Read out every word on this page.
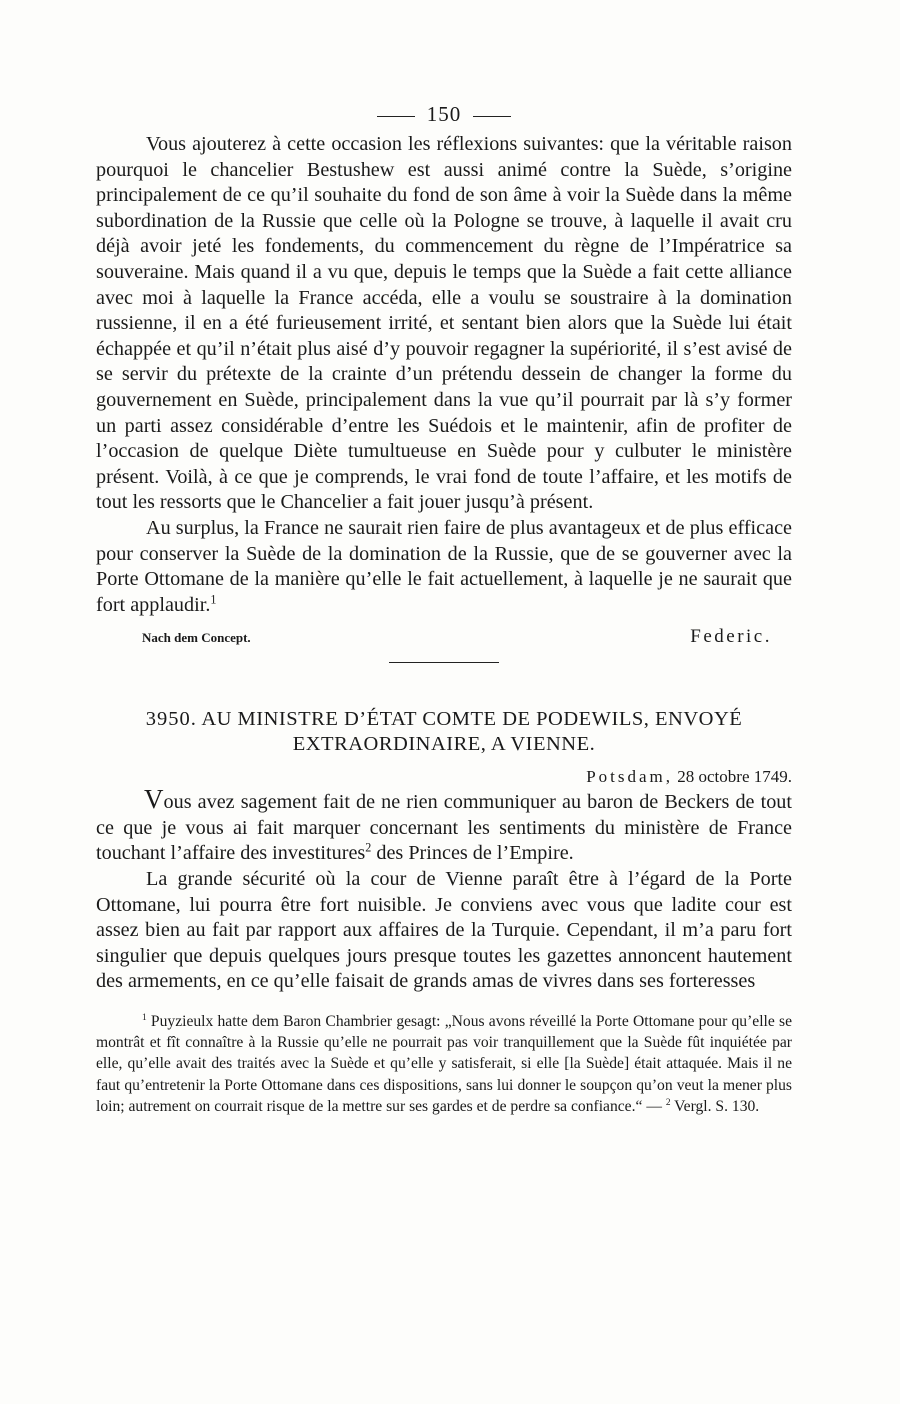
150

Vous ajouterez à cette occasion les réflexions suivantes: que la véritable raison pourquoi le chancelier Bestushew est aussi animé contre la Suède, s’origine principalement de ce qu’il souhaite du fond de son âme à voir la Suède dans la même subordination de la Russie que celle où la Pologne se trouve, à laquelle il avait cru déjà avoir jeté les fondements, du commencement du règne de l’Impératrice sa souveraine. Mais quand il a vu que, depuis le temps que la Suède a fait cette alliance avec moi à laquelle la France accéda, elle a voulu se soustraire à la domination russienne, il en a été furieusement irrité, et sentant bien alors que la Suède lui était échappée et qu’il n’était plus aisé d’y pouvoir regagner la supériorité, il s’est avisé de se servir du prétexte de la crainte d’un prétendu dessein de changer la forme du gouvernement en Suède, principalement dans la vue qu’il pourrait par là s’y former un parti assez considérable d’entre les Suédois et le maintenir, afin de profiter de l’occasion de quelque Diète tumultueuse en Suède pour y culbuter le ministère présent. Voilà, à ce que je comprends, le vrai fond de toute l’affaire, et les motifs de tout les ressorts que le Chancelier a fait jouer jusqu’à présent.

Au surplus, la France ne saurait rien faire de plus avantageux et de plus efficace pour conserver la Suède de la domination de la Russie, que de se gouverner avec la Porte Ottomane de la manière qu’elle le fait actuellement, à laquelle je ne saurait que fort applaudir.$^1$

Nach dem Concept.	Federic.
3950. AU MINISTRE D’ÉTAT COMTE DE PODEWILS, ENVOYÉ EXTRAORDINAIRE, A VIENNE.
Potsdam, 28 octobre 1749.

Vous avez sagement fait de ne rien communiquer au baron de Beckers de tout ce que je vous ai fait marquer concernant les sentiments du ministère de France touchant l’affaire des investitures$^2$ des Princes de l’Empire.

La grande sécurité où la cour de Vienne paraît être à l’égard de la Porte Ottomane, lui pourra être fort nuisible. Je conviens avec vous que ladite cour est assez bien au fait par rapport aux affaires de la Turquie. Cependant, il m’a paru fort singulier que depuis quelques jours presque toutes les gazettes annoncent hautement des armements, en ce qu’elle faisait de grands amas de vivres dans ses forteresses

$^1$ Puyzieulx hatte dem Baron Chambrier gesagt: „Nous avons réveillé la Porte Ottomane pour qu’elle se montrât et fît connaître à la Russie qu’elle ne pourrait pas voir tranquillement que la Suède fût inquiétée par elle, qu’elle avait des traités avec la Suède et qu’elle y satisferait, si elle [la Suède] était attaquée. Mais il ne faut qu’entretenir la Porte Ottomane dans ces dispositions, sans lui donner le soupçon qu’on veut la mener plus loin; autrement on courrait risque de la mettre sur ses gardes et de perdre sa confiance.“ — $^2$ Vergl. S. 130.
